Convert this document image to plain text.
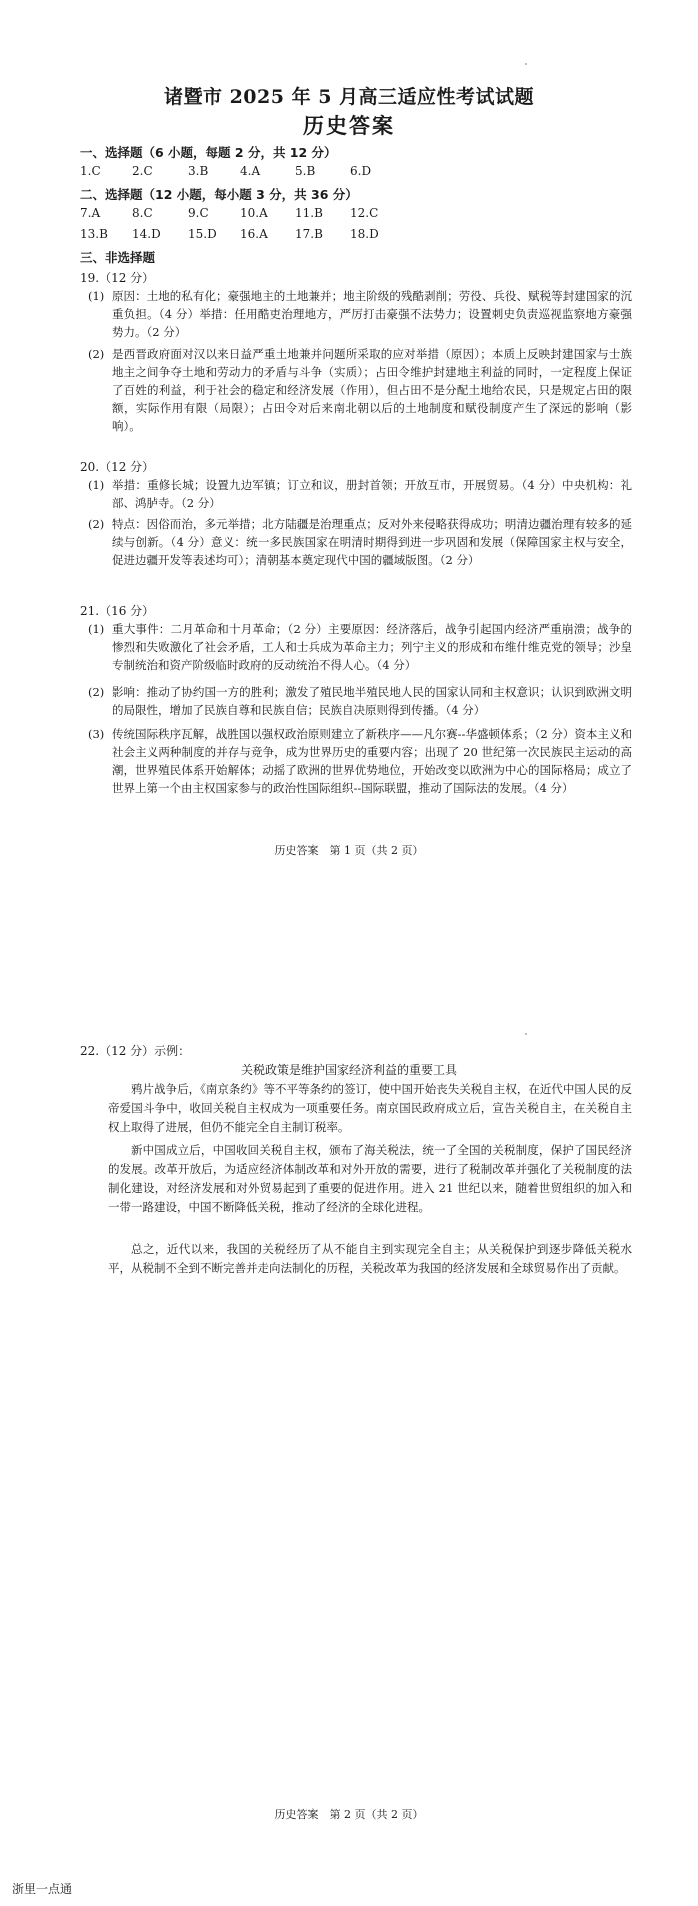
诸暨市 2025 年 5 月高三适应性考试试题
历史答案
一、选择题（6 小题，每题 2 分，共 12 分）
1.C	2.C	3.B	4.A	5.B	6.D
二、选择题（12 小题，每小题 3 分，共 36 分）
7.A	8.C	9.C	10.A 11.B 12.C
13.B 14.D 15.D 16.A 17.B 18.D
三、非选择题
19.（12 分）
(1) 原因：土地的私有化；豪强地主的土地兼并；地主阶级的残酷剥削；劳役、兵役、赋税等封建国家的沉重负担。（4 分）举措：任用酷吏治理地方，严厉打击豪强不法势力；设置刺史负责巡视监察地方豪强势力。（2 分）
(2) 是西晋政府面对汉以来日益严重土地兼并问题所采取的应对举措（原因）；本质上反映封建国家与士族地主之间争夺土地和劳动力的矛盾与斗争（实质）；占田令维护封建地主利益的同时，一定程度上保证了百姓的利益，利于社会的稳定和经济发展（作用），但占田不是分配土地给农民，只是规定占田的限额，实际作用有限（局限）；占田令对后来南北朝以后的土地制度和赋役制度产生了深远的影响（影响）。
20.（12 分）
(1) 举措：重修长城；设置九边军镇；订立和议，册封首领；开放互市，开展贸易。（4 分）中央机构：礼部、鸿胪寺。（2 分）
(2) 特点：因俗而治，多元举措；北方陆疆是治理重点；反对外来侵略获得成功；明清边疆治理有较多的延续与创新。（4 分）意义：统一多民族国家在明清时期得到进一步巩固和发展（保障国家主权与安全，促进边疆开发等表述均可）；清朝基本奠定现代中国的疆域版图。（2 分）
21.（16 分）
(1) 重大事件：二月革命和十月革命；（2 分）主要原因：经济落后，战争引起国内经济严重崩溃；战争的惨烈和失败激化了社会矛盾，工人和士兵成为革命主力；列宁主义的形成和布维什维克党的领导；沙皇专制统治和资产阶级临时政府的反动统治不得人心。（4 分）
(2) 影响：推动了协约国一方的胜利；激发了殖民地半殖民地人民的国家认同和主权意识；认识到欧洲文明的局限性，增加了民族自尊和民族自信；民族自决原则得到传播。（4 分）
(3) 传统国际秩序瓦解，战胜国以强权政治原则建立了新秩序——凡尔赛--华盛顿体系；（2 分）资本主义和社会主义两种制度的并存与竞争，成为世界历史的重要内容；出现了 20 世纪第一次民族民主运动的高潮，世界殖民体系开始解体；动摇了欧洲的世界优势地位，开始改变以欧洲为中心的国际格局；成立了世界上第一个由主权国家参与的政治性国际组织--国际联盟，推动了国际法的发展。（4 分）
历史答案　第 1 页（共 2 页）
22.（12 分）示例：
关税政策是维护国家经济利益的重要工具
鸦片战争后，《南京条约》等不平等条约的签订，使中国开始丧失关税自主权，在近代中国人民的反帝爱国斗争中，收回关税自主权成为一项重要任务。南京国民政府成立后，宣告关税自主，在关税自主权上取得了进展，但仍不能完全自主制订税率。
新中国成立后，中国收回关税自主权，颁布了海关税法，统一了全国的关税制度，保护了国民经济的发展。改革开放后，为适应经济体制改革和对外开放的需要，进行了税制改革并强化了关税制度的法制化建设，对经济发展和对外贸易起到了重要的促进作用。进入 21 世纪以来，随着世贸组织的加入和一带一路建设，中国不断降低关税，推动了经济的全球化进程。
总之，近代以来，我国的关税经历了从不能自主到实现完全自主；从关税保护到逐步降低关税水平，从税制不全到不断完善并走向法制化的历程，关税改革为我国的经济发展和全球贸易作出了贡献。
历史答案　第 2 页（共 2 页）
浙里一点通
